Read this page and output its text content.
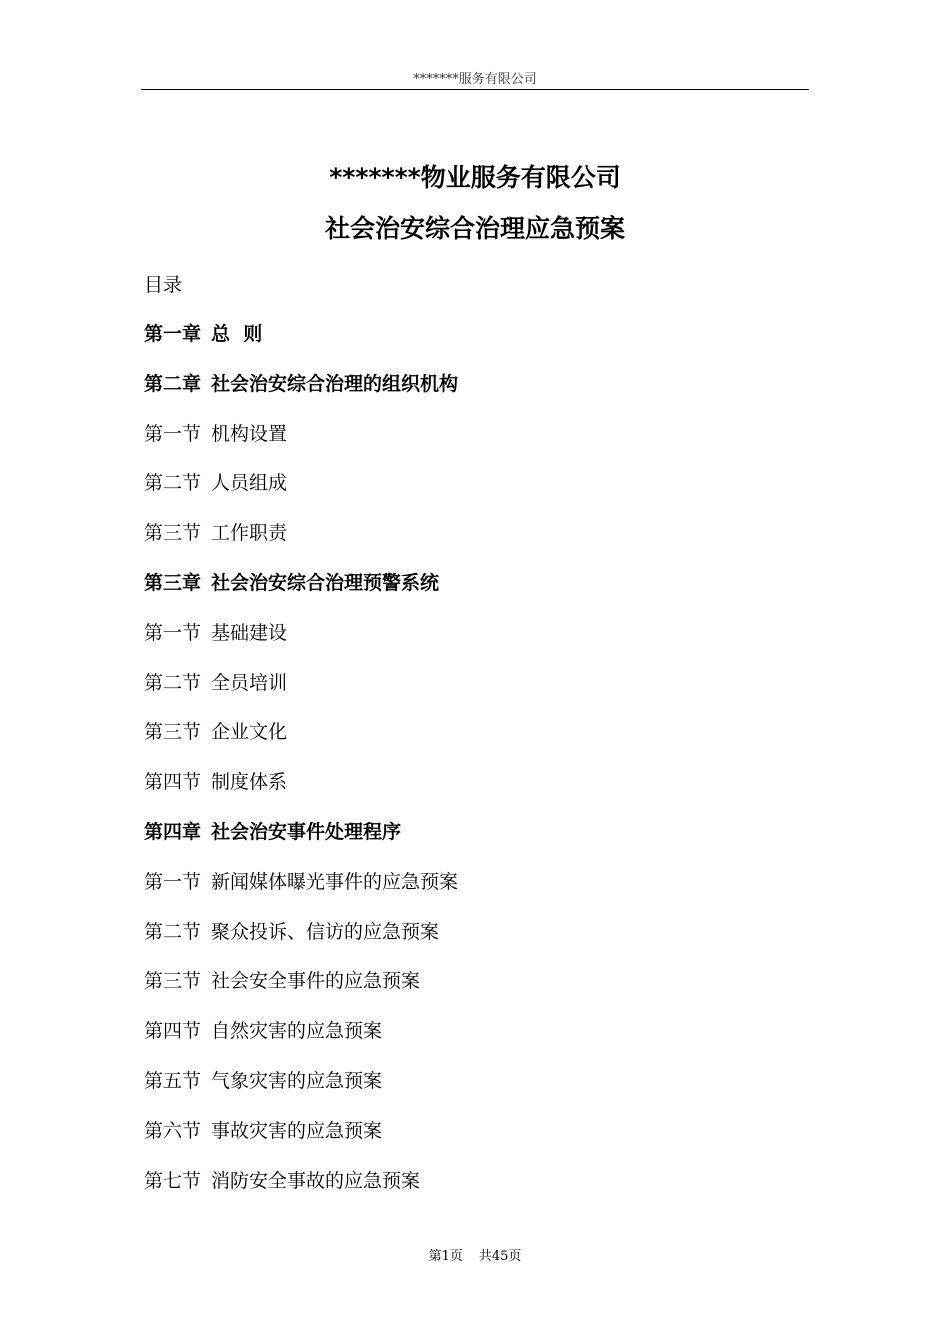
*******服务有限公司
*******物业服务有限公司
社会治安综合治理应急预案
目录
第一章 总  则
第二章 社会治安综合治理的组织机构
第一节 机构设置
第二节 人员组成
第三节 工作职责
第三章 社会治安综合治理预警系统
第一节 基础建设
第二节 全员培训
第三节 企业文化
第四节 制度体系
第四章 社会治安事件处理程序
第一节 新闻媒体曝光事件的应急预案
第二节 聚众投诉、信访的应急预案
第三节 社会安全事件的应急预案
第四节 自然灾害的应急预案
第五节 气象灾害的应急预案
第六节 事故灾害的应急预案
第七节 消防安全事故的应急预案
第1页 共45页
